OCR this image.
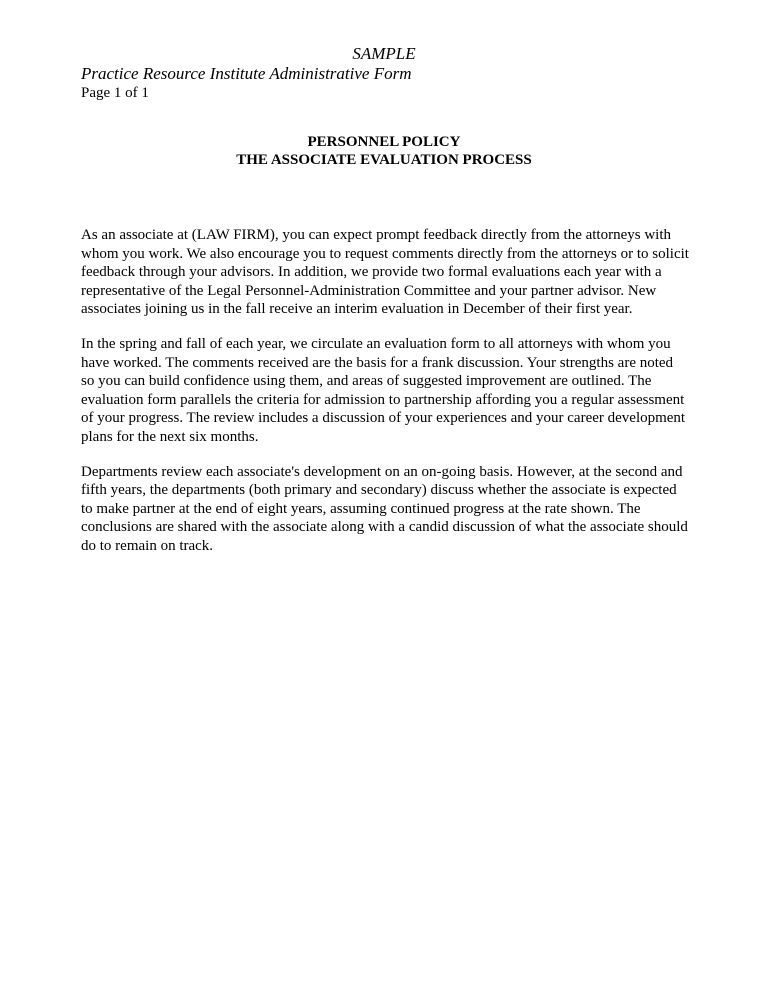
SAMPLE
Practice Resource Institute Administrative Form
Page 1 of 1
PERSONNEL POLICY
THE ASSOCIATE EVALUATION PROCESS

As an associate at (LAW FIRM), you can expect prompt feedback directly from the attorneys with whom you work. We also encourage you to request comments directly from the attorneys or to solicit feedback through your advisors. In addition, we provide two formal evaluations each year with a representative of the Legal Personnel-Administration Committee and your partner advisor. New associates joining us in the fall receive an interim evaluation in December of their first year.

In the spring and fall of each year, we circulate an evaluation form to all attorneys with whom you have worked. The comments received are the basis for a frank discussion. Your strengths are noted so you can build confidence using them, and areas of suggested improvement are outlined. The evaluation form parallels the criteria for admission to partnership affording you a regular assessment of your progress. The review includes a discussion of your experiences and your career development plans for the next six months.

Departments review each associate's development on an on-going basis. However, at the second and fifth years, the departments (both primary and secondary) discuss whether the associate is expected to make partner at the end of eight years, assuming continued progress at the rate shown. The conclusions are shared with the associate along with a candid discussion of what the associate should do to remain on track.
